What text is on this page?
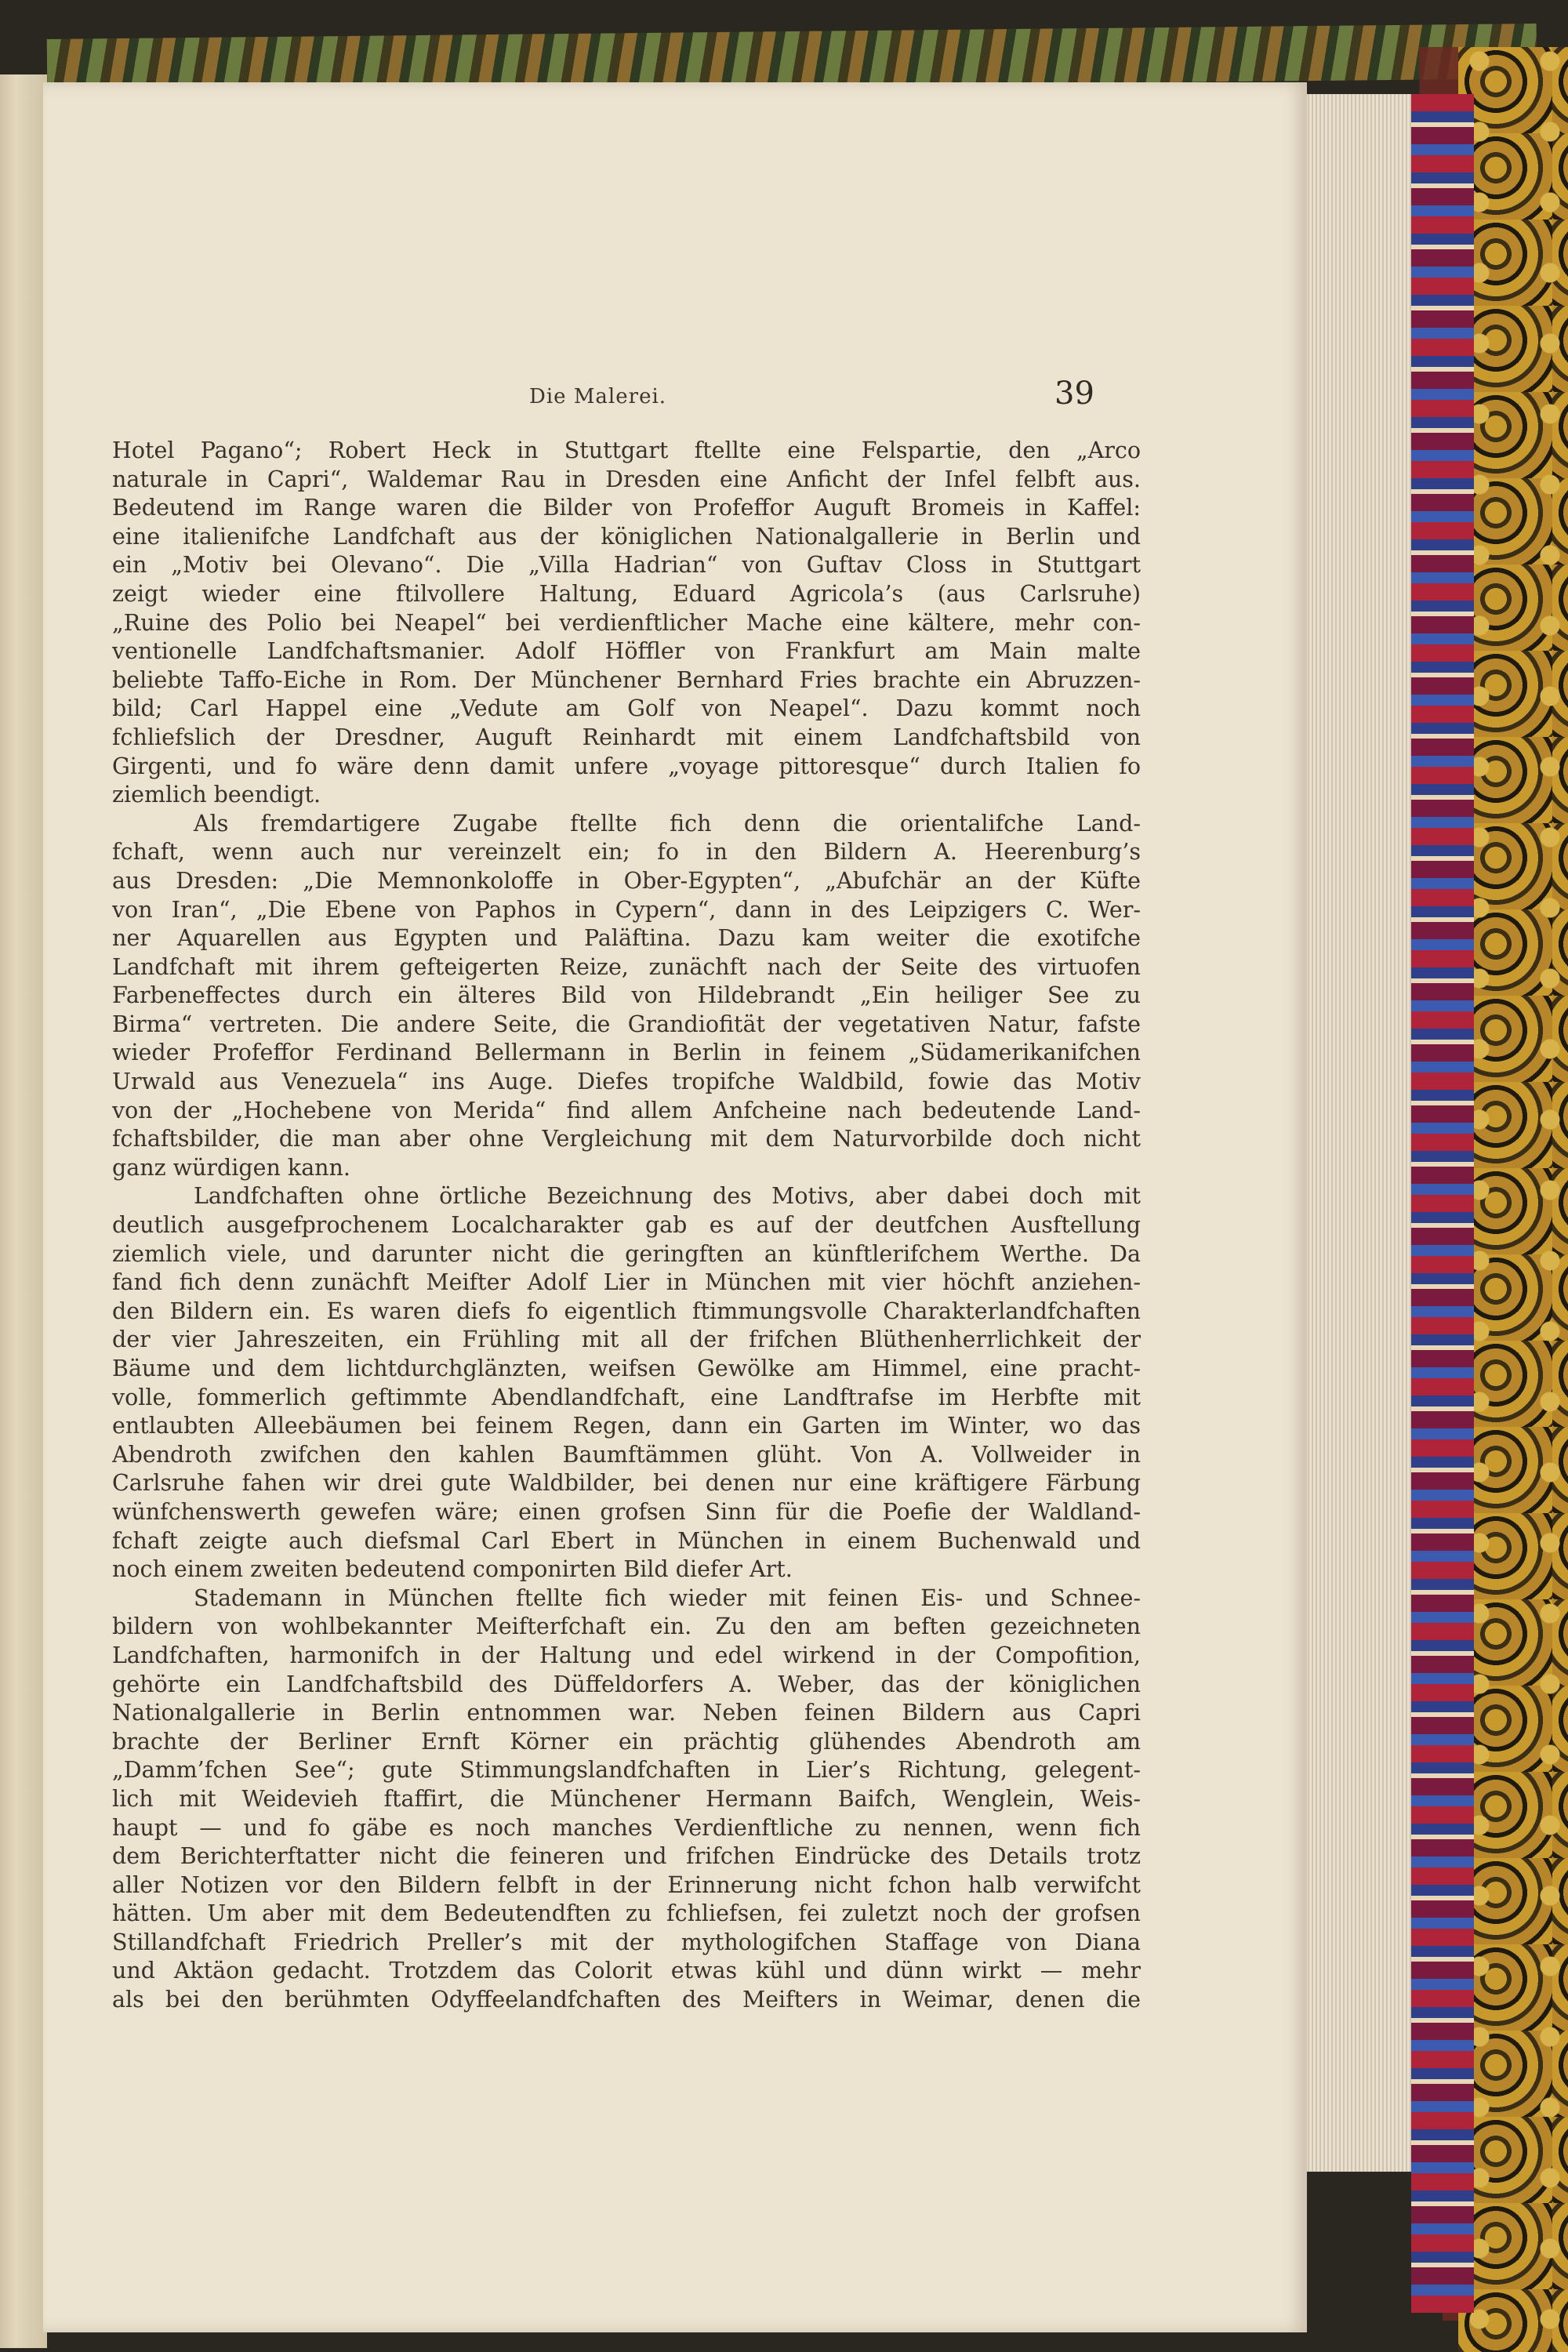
Die Malerei.	39
Hotel Pagano“; Robert Heck in Stuttgart ftellte eine Felspartie, den „Arco
naturale in Capri“, Waldemar Rau in Dresden eine Anficht der Infel felbft aus.
Bedeutend im Range waren die Bilder von Profeffor Auguft Bromeis in Kaffel:
eine italienifche Landfchaft aus der königlichen Nationalgallerie in Berlin und
ein „Motiv bei Olevano“. Die „Villa Hadrian“ von Guftav Closs in Stuttgart
zeigt wieder eine ftilvollere Haltung, Eduard Agricola’s (aus Carlsruhe)
„Ruine des Polio bei Neapel“ bei verdienftlicher Mache eine kältere, mehr con-
ventionelle Landfchaftsmanier. Adolf Höffler von Frankfurt am Main malte
beliebte Taffo-Eiche in Rom. Der Münchener Bernhard Fries brachte ein Abruzzen-
bild; Carl Happel eine „Vedute am Golf von Neapel“. Dazu kommt noch
fchliefslich der Dresdner, Auguft Reinhardt mit einem Landfchaftsbild von
Girgenti, und fo wäre denn damit unfere „voyage pittoresque“ durch Italien fo
ziemlich beendigt.
Als fremdartigere Zugabe ftellte fich denn die orientalifche Land-
fchaft, wenn auch nur vereinzelt ein; fo in den Bildern A. Heerenburg’s
aus Dresden: „Die Memnonkoloffe in Ober-Egypten“, „Abufchär an der Küfte
von Iran“, „Die Ebene von Paphos in Cypern“, dann in des Leipzigers C. Wer-
ner Aquarellen aus Egypten und Paläftina. Dazu kam weiter die exotifche
Landfchaft mit ihrem gefteigerten Reize, zunächft nach der Seite des virtuofen
Farbeneffectes durch ein älteres Bild von Hildebrandt „Ein heiliger See zu
Birma“ vertreten. Die andere Seite, die Grandiofität der vegetativen Natur, fafste
wieder Profeffor Ferdinand Bellermann in Berlin in feinem „Südamerikanifchen
Urwald aus Venezuela“ ins Auge. Diefes tropifche Waldbild, fowie das Motiv
von der „Hochebene von Merida“ find allem Anfcheine nach bedeutende Land-
fchaftsbilder, die man aber ohne Vergleichung mit dem Naturvorbilde doch nicht
ganz würdigen kann.
Landfchaften ohne örtliche Bezeichnung des Motivs, aber dabei doch mit
deutlich ausgefprochenem Localcharakter gab es auf der deutfchen Ausftellung
ziemlich viele, und darunter nicht die geringften an künftlerifchem Werthe. Da
fand fich denn zunächft Meifter Adolf Lier in München mit vier höchft anziehen-
den Bildern ein. Es waren diefs fo eigentlich ftimmungsvolle Charakterlandfchaften
der vier Jahreszeiten, ein Frühling mit all der frifchen Blüthenherrlichkeit der
Bäume und dem lichtdurchglänzten, weifsen Gewölke am Himmel, eine pracht-
volle, fommerlich geftimmte Abendlandfchaft, eine Landftrafse im Herbfte mit
entlaubten Alleebäumen bei feinem Regen, dann ein Garten im Winter, wo das
Abendroth zwifchen den kahlen Baumftämmen glüht. Von A. Vollweider in
Carlsruhe fahen wir drei gute Waldbilder, bei denen nur eine kräftigere Färbung
wünfchenswerth gewefen wäre; einen grofsen Sinn für die Poefie der Waldland-
fchaft zeigte auch diefsmal Carl Ebert in München in einem Buchenwald und
noch einem zweiten bedeutend componirten Bild diefer Art.
Stademann in München ftellte fich wieder mit feinen Eis- und Schnee-
bildern von wohlbekannter Meifterfchaft ein. Zu den am beften gezeichneten
Landfchaften, harmonifch in der Haltung und edel wirkend in der Compofition,
gehörte ein Landfchaftsbild des Düffeldorfers A. Weber, das der königlichen
Nationalgallerie in Berlin entnommen war. Neben feinen Bildern aus Capri
brachte der Berliner Ernft Körner ein prächtig glühendes Abendroth am
„Damm’fchen See“; gute Stimmungslandfchaften in Lier’s Richtung, gelegent-
lich mit Weidevieh ftaffirt, die Münchener Hermann Baifch, Wenglein, Weis-
haupt — und fo gäbe es noch manches Verdienftliche zu nennen, wenn fich
dem Berichterftatter nicht die feineren und frifchen Eindrücke des Details trotz
aller Notizen vor den Bildern felbft in der Erinnerung nicht fchon halb verwifcht
hätten. Um aber mit dem Bedeutendften zu fchliefsen, fei zuletzt noch der grofsen
Stillandfchaft Friedrich Preller’s mit der mythologifchen Staffage von Diana
und Aktäon gedacht. Trotzdem das Colorit etwas kühl und dünn wirkt — mehr
als bei den berühmten Odyffeelandfchaften des Meifters in Weimar, denen die
